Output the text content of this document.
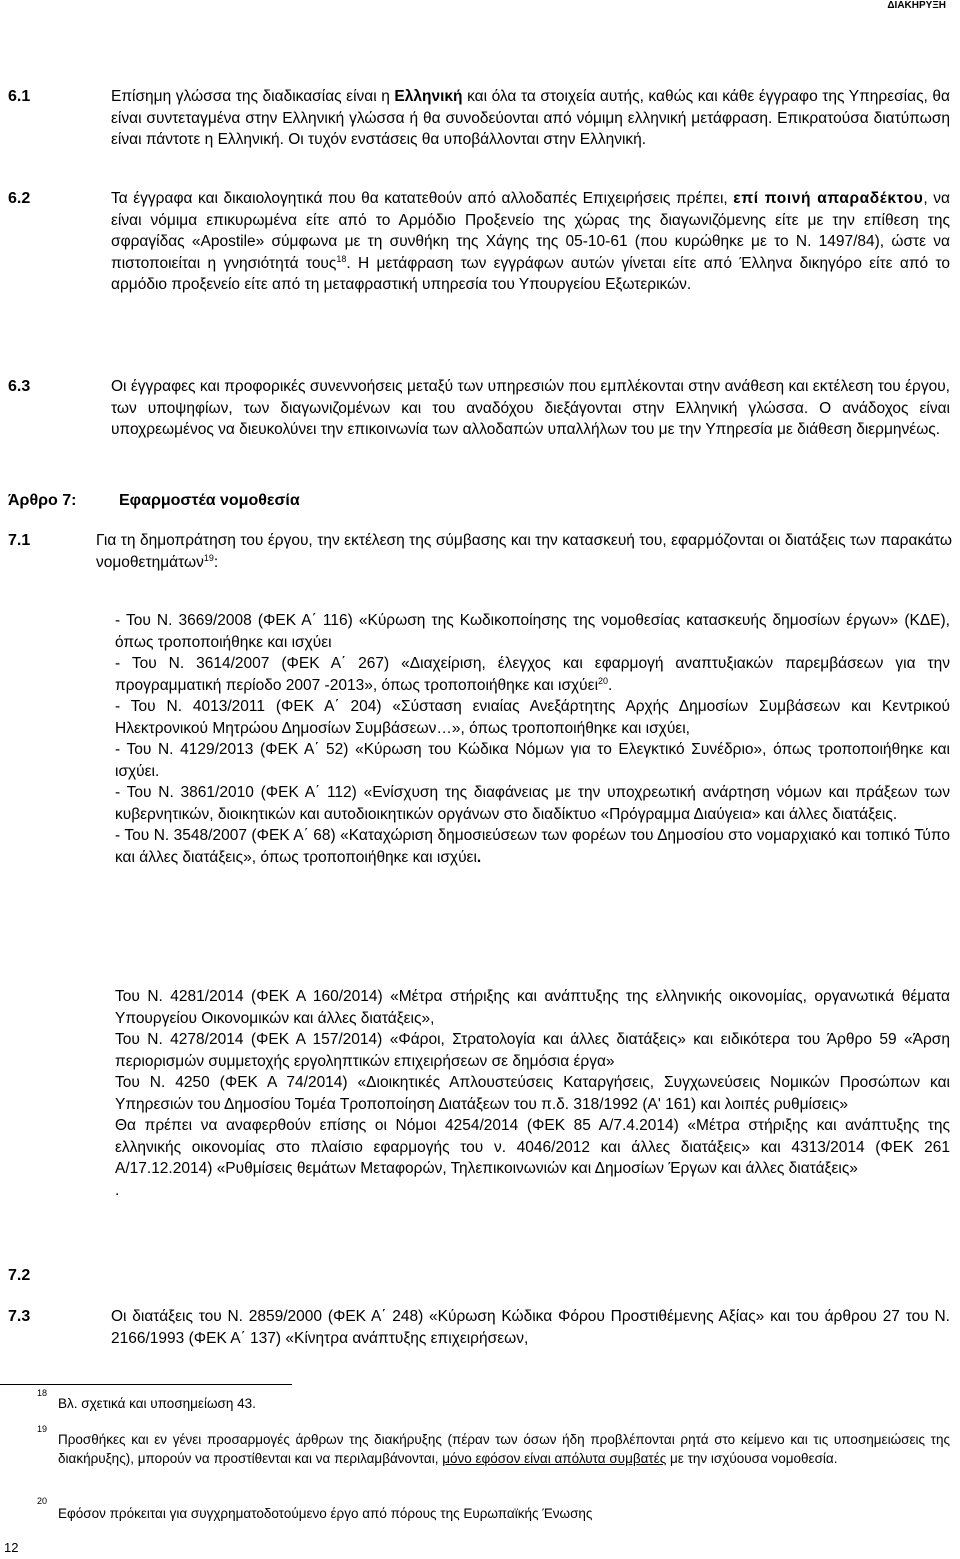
ΔΙΑΚΗΡΥΞΗ
6.1	Επίσημη γλώσσα της διαδικασίας είναι η Ελληνική και όλα τα στοιχεία αυτής, καθώς και κάθε έγγραφο της Υπηρεσίας, θα είναι συντεταγμένα στην Ελληνική γλώσσα ή θα συνοδεύονται από νόμιμη ελληνική μετάφραση. Επικρατούσα διατύπωση είναι πάντοτε η Ελληνική. Οι τυχόν ενστάσεις θα υποβάλλονται στην Ελληνική.
6.2	Τα έγγραφα και δικαιολογητικά που θα κατατεθούν από αλλοδαπές Επιχειρήσεις πρέπει, επί ποινή απαραδέκτου, να είναι νόμιμα επικυρωμένα είτε από το Αρμόδιο Προξενείο της χώρας της διαγωνιζόμενης είτε με την επίθεση της σφραγίδας «Apostile» σύμφωνα με τη συνθήκη της Χάγης της 05-10-61 (που κυρώθηκε με το Ν. 1497/84), ώστε να πιστοποιείται η γνησιότητά τους$^{18}$. Η μετάφραση των εγγράφων αυτών γίνεται είτε από Έλληνα δικηγόρο είτε από το αρμόδιο προξενείο είτε από τη μεταφραστική υπηρεσία του Υπουργείου Εξωτερικών.
6.3	Οι έγγραφες και προφορικές συνεννοήσεις μεταξύ των υπηρεσιών που εμπλέκονται στην ανάθεση και εκτέλεση του έργου, των υποψηφίων, των διαγωνιζομένων και του αναδόχου διεξάγονται στην Ελληνική γλώσσα. Ο ανάδοχος είναι υποχρεωμένος να διευκολύνει την επικοινωνία των αλλοδαπών υπαλλήλων του με την Υπηρεσία με διάθεση διερμηνέως.
Άρθρο 7:	Εφαρμοστέα νομοθεσία
7.1	Για τη δημοπράτηση του έργου, την εκτέλεση της σύμβασης και την κατασκευή του, εφαρμόζονται οι διατάξεις των παρακάτω νομοθετημάτων$^{19}$:

- Του Ν. 3669/2008 (ΦΕΚ Α΄ 116) «Κύρωση της Κωδικοποίησης της νομοθεσίας κατασκευής δημοσίων έργων» (ΚΔΕ), όπως τροποποιήθηκε και ισχύει

- Του Ν. 3614/2007 (ΦΕΚ Α΄ 267) «Διαχείριση, έλεγχος και εφαρμογή αναπτυξιακών παρεμβάσεων για την προγραμματική περίοδο 2007 -2013», όπως τροποποιήθηκε και ισχύει$^{20}$.

- Του Ν. 4013/2011 (ΦΕΚ Α΄ 204) «Σύσταση ενιαίας Ανεξάρτητης Αρχής Δημοσίων Συμβάσεων και Κεντρικού Ηλεκτρονικού Μητρώου Δημοσίων Συμβάσεων…», όπως τροποποιήθηκε και ισχύει,

- Του Ν. 4129/2013 (ΦΕΚ Α΄ 52) «Κύρωση του Κώδικα Νόμων για το Ελεγκτικό Συνέδριο», όπως τροποποιήθηκε και ισχύει.

- Του Ν. 3861/2010 (ΦΕΚ Α΄ 112) «Ενίσχυση της διαφάνειας με την υποχρεωτική ανάρτηση νόμων και πράξεων των κυβερνητικών, διοικητικών και αυτοδιοικητικών οργάνων στο διαδίκτυο «Πρόγραμμα Διαύγεια» και άλλες διατάξεις.

- Του Ν. 3548/2007 (ΦΕΚ Α΄ 68) «Καταχώριση δημοσιεύσεων των φορέων του Δημοσίου στο νομαρχιακό και τοπικό Τύπο και άλλες διατάξεις», όπως τροποποιήθηκε και ισχύει.

Του Ν. 4281/2014 (ΦΕΚ Α 160/2014) «Μέτρα στήριξης και ανάπτυξης της ελληνικής οικονομίας, οργανωτικά θέματα Υπουργείου Οικονομικών και άλλες διατάξεις»,

Του Ν. 4278/2014 (ΦΕΚ Α 157/2014) «Φάροι, Στρατολογία και άλλες διατάξεις» και ειδικότερα του Άρθρο 59 «Άρση περιορισμών συμμετοχής εργοληπτικών επιχειρήσεων σε δημόσια έργα»

Του Ν. 4250 (ΦΕΚ Α 74/2014) «Διοικητικές Απλουστεύσεις Καταργήσεις, Συγχωνεύσεις Νομικών Προσώπων και Υπηρεσιών του Δημοσίου Τομέα Τροποποίηση Διατάξεων του π.δ. 318/1992 (Α' 161) και λοιπές ρυθμίσεις»

Θα πρέπει να αναφερθούν επίσης οι Νόμοι 4254/2014 (ΦΕΚ 85 Α/7.4.2014) «Μέτρα στήριξης και ανάπτυξης της ελληνικής οικονομίας στο πλαίσιο εφαρμογής του ν. 4046/2012 και άλλες διατάξεις» και 4313/2014 (ΦΕΚ 261 Α/17.12.2014) «Ρυθμίσεις θεμάτων Μεταφορών, Τηλεπικοινωνιών και Δημοσίων Έργων και άλλες διατάξεις»

.

7.2
7.3	Οι διατάξεις του Ν. 2859/2000 (ΦΕΚ Α΄ 248) «Κύρωση Κώδικα Φόρου Προστιθέμενης Αξίας» και του άρθρου 27 του Ν. 2166/1993 (ΦΕΚ Α΄ 137) «Κίνητρα ανάπτυξης επιχειρήσεων,
18
Βλ. σχετικά και υποσημείωση 43.
19
Προσθήκες και εν γένει προσαρμογές άρθρων της διακήρυξης (πέραν των όσων ήδη προβλέπονται ρητά στο κείμενο και τις υποσημειώσεις της διακήρυξης), μπορούν να προστίθενται και να περιλαμβάνονται, μόνο εφόσον είναι απόλυτα συμβατές με την ισχύουσα νομοθεσία.
20
Εφόσον πρόκειται για συγχρηματοδοτούμενο έργο από πόρους της Ευρωπαϊκής Ένωσης
12
